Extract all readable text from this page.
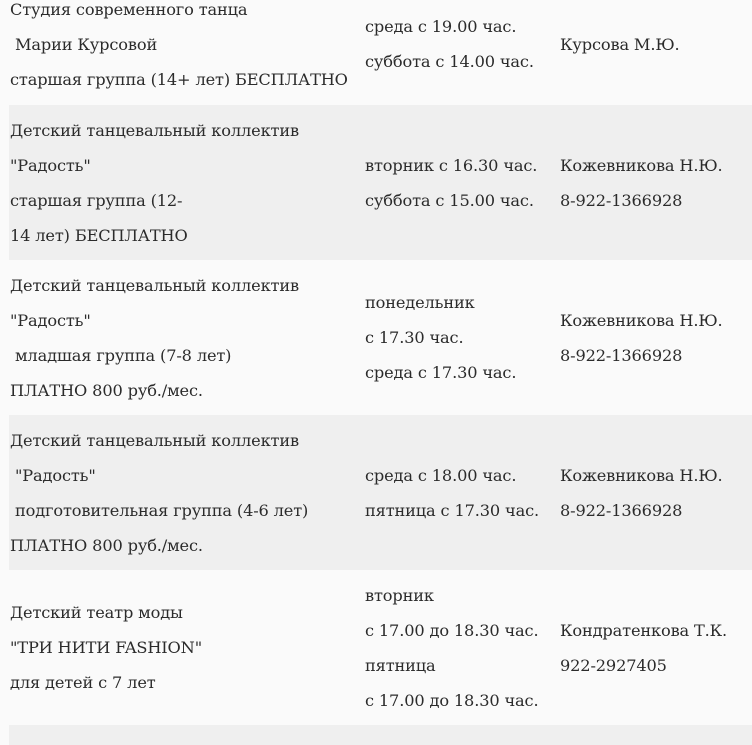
Студия современного танца
Марии Курсовой
старшая группа (14+ лет) БЕСПЛАТНО
среда с 19.00 час.
суббота с 14.00 час.
Курсова М.Ю.
Детский танцевальный коллектив
"Радость"
старшая группа (12-
14 лет) БЕСПЛАТНО
вторник с 16.30 час.
суббота с 15.00 час.
Кожевникова Н.Ю.
8-922-1366928
Детский танцевальный коллектив
"Радость"
младшая группа (7-8 лет)
ПЛАТНО 800 руб./мес.
понедельник
с 17.30 час.
среда с 17.30 час.
Кожевникова Н.Ю.
8-922-1366928
Детский танцевальный коллектив
"Радость"
подготовительная группа (4-6 лет)
ПЛАТНО 800 руб./мес.
среда с 18.00 час.
пятница с 17.30 час.
Кожевникова Н.Ю.
8-922-1366928
Детский театр моды
"ТРИ НИТИ FASHION"
для детей с 7 лет
вторник
с 17.00 до 18.30 час.
пятница
с 17.00 до 18.30 час.
Кондратенкова Т.К.
922-2927405
